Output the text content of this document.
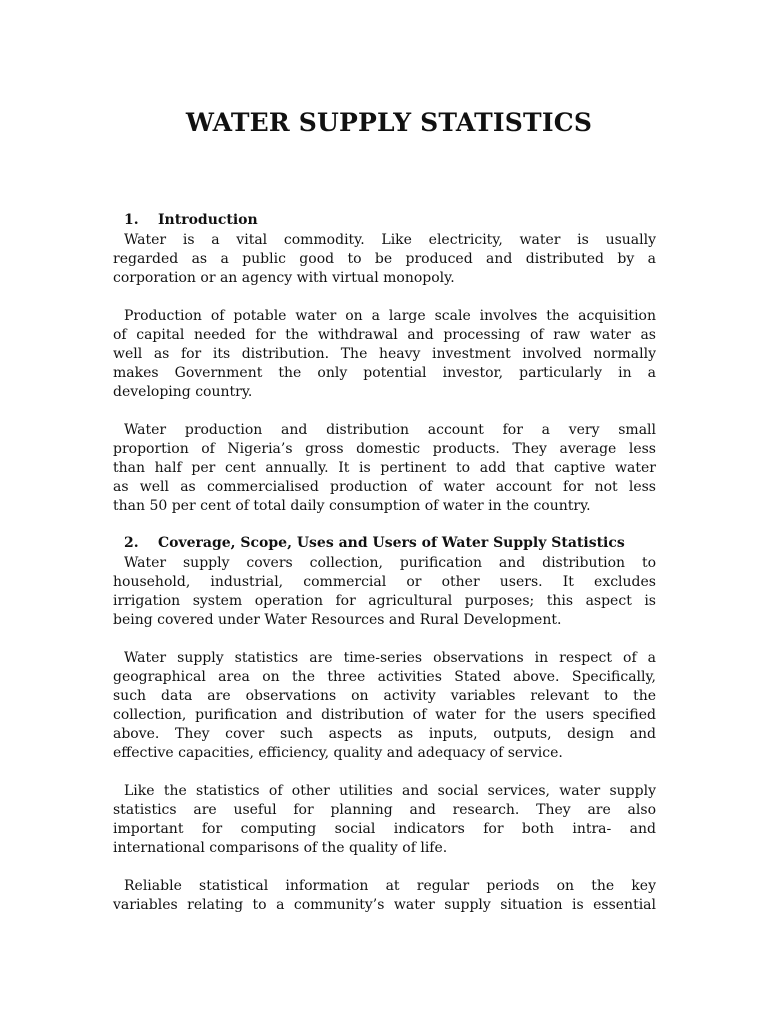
WATER SUPPLY STATISTICS
1. Introduction
Water is a vital commodity. Like electricity, water is usually
regarded as a public good to be produced and distributed by a
corporation or an agency with virtual monopoly.
Production of potable water on a large scale involves the acquisition
of capital needed for the withdrawal and processing of raw water as
well as for its distribution. The heavy investment involved normally
makes Government the only potential investor, particularly in a
developing country.
Water production and distribution account for a very small
proportion of Nigeria’s gross domestic products. They average less
than half per cent annually. It is pertinent to add that captive water
as well as commercialised production of water account for not less
than 50 per cent of total daily consumption of water in the country.
2. Coverage, Scope, Uses and Users of Water Supply Statistics
Water supply covers collection, purification and distribution to
household, industrial, commercial or other users. It excludes
irrigation system operation for agricultural purposes; this aspect is
being covered under Water Resources and Rural Development.
Water supply statistics are time-series observations in respect of a
geographical area on the three activities Stated above. Specifically,
such data are observations on activity variables relevant to the
collection, purification and distribution of water for the users specified
above. They cover such aspects as inputs, outputs, design and
effective capacities, efficiency, quality and adequacy of service.
Like the statistics of other utilities and social services, water supply
statistics are useful for planning and research. They are also
important for computing social indicators for both intra- and
international comparisons of the quality of life.
Reliable statistical information at regular periods on the key
variables relating to a community’s water supply situation is essential
